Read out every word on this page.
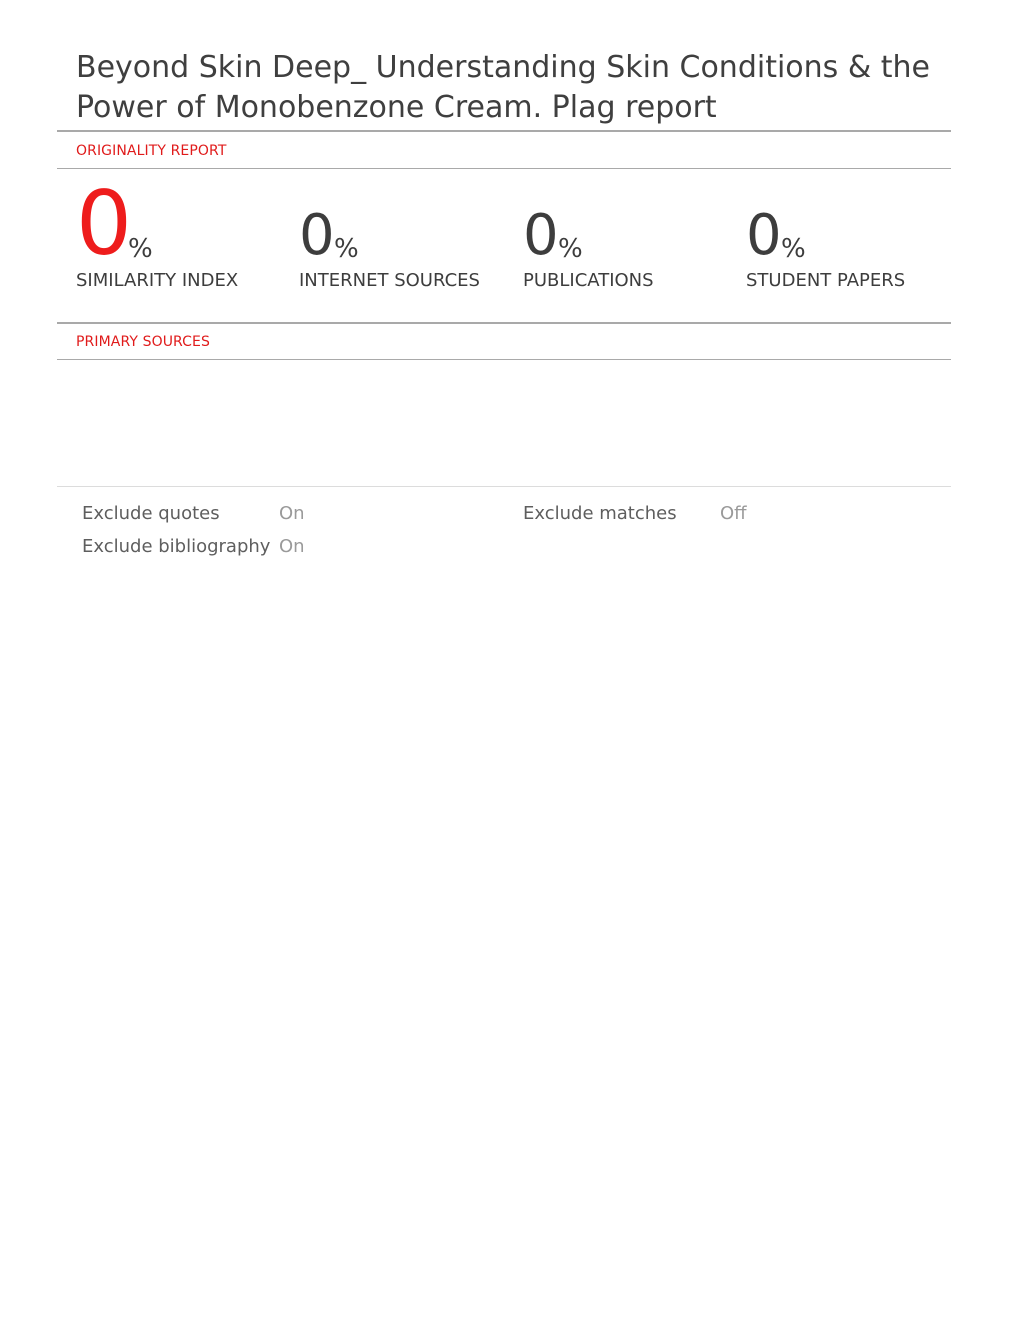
Beyond Skin Deep_ Understanding Skin Conditions & the
Power of Monobenzone Cream. Plag report
ORIGINALITY REPORT
0
%
SIMILARITY INDEX
0 %
INTERNET SOURCES
0 %
PUBLICATIONS
0 %
STUDENT PAPERS
PRIMARY SOURCES
Exclude quotes	On	Exclude matches Off
Exclude bibliography On
